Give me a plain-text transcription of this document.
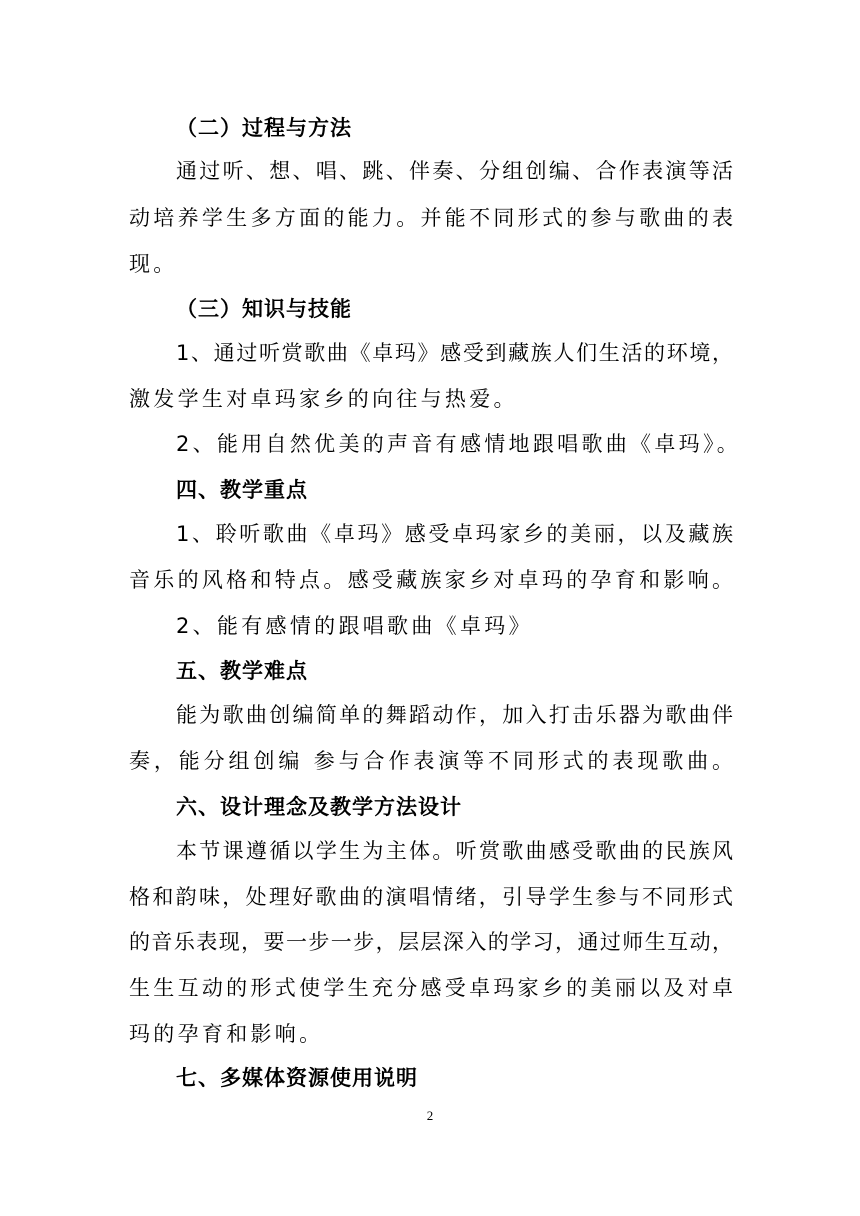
（二）过程与方法
通过听、想、唱、跳、伴奏、分组创编、合作表演等活
动培养学生多方面的能力。并能不同形式的参与歌曲的表
现。
（三）知识与技能
1、通过听赏歌曲《卓玛》感受到藏族人们生活的环境，
激发学生对卓玛家乡的向往与热爱。
2、能用自然优美的声音有感情地跟唱歌曲《卓玛》。
四、教学重点
1、聆听歌曲《卓玛》感受卓玛家乡的美丽，以及藏族
音乐的风格和特点。感受藏族家乡对卓玛的孕育和影响。
2、能有感情的跟唱歌曲《卓玛》
五、教学难点
能为歌曲创编简单的舞蹈动作，加入打击乐器为歌曲伴
奏，能分组创编 参与合作表演等不同形式的表现歌曲。
六、设计理念及教学方法设计
本节课遵循以学生为主体。听赏歌曲感受歌曲的民族风
格和韵味，处理好歌曲的演唱情绪，引导学生参与不同形式
的音乐表现，要一步一步，层层深入的学习，通过师生互动，
生生互动的形式使学生充分感受卓玛家乡的美丽以及对卓
玛的孕育和影响。
七、多媒体资源使用说明
2
